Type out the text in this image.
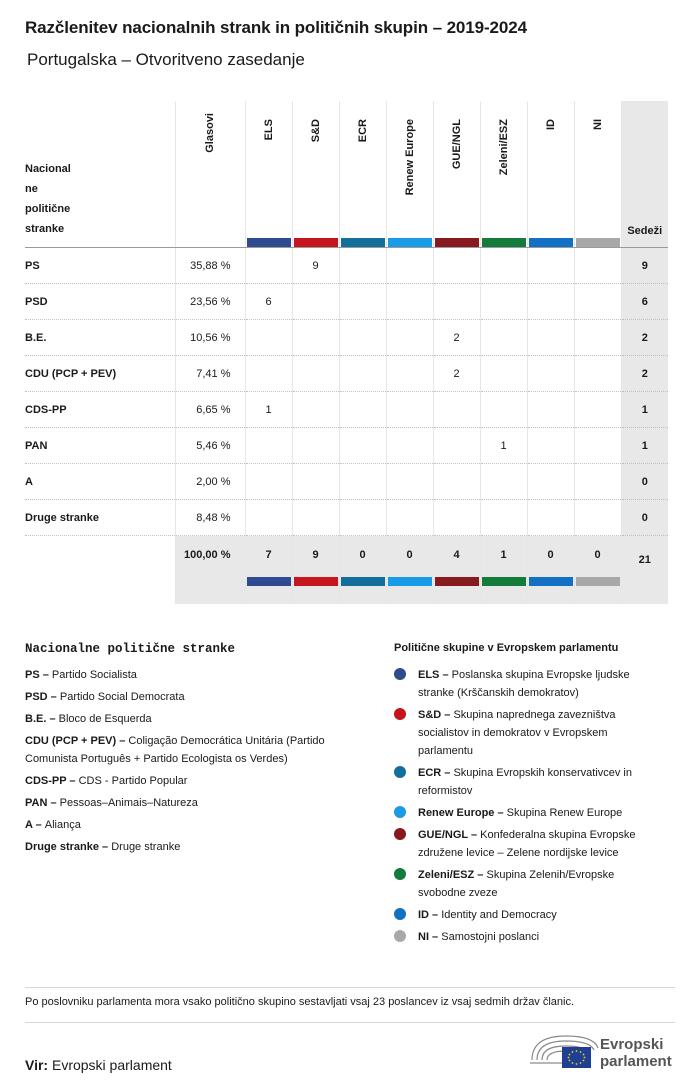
Razčlenitev nacionalnih strank in političnih skupin – 2019-2024
Portugalska – Otvoritveno zasedanje
Nacional
ne
politične
stranke	Glasovi	ELS	S&D	ECR	Renew Europe	GUE/NGL	Zeleni/ESZ	ID	NI	Sedeži
PS	35,88 %		9							9
PSD	23,56 %	6								6
B.E.	10,56 %					2				2
CDU (PCP + PEV)	7,41 %					2				2
CDS-PP	6,65 %	1								1
PAN	5,46 %						1			1
A	2,00 %									0
Druge stranke	8,48 %									0
	100,00 %	7	9	0	0	4	1	0	0	21
Nacionalne politične stranke
PS – Partido Socialista
PSD – Partido Social Democrata
B.E. – Bloco de Esquerda
CDU (PCP + PEV) – Coligação Democrática Unitária (Partido Comunista Português + Partido Ecologista os Verdes)
CDS-PP – CDS - Partido Popular
PAN – Pessoas–Animais–Natureza
A – Aliança
Druge stranke – Druge stranke
Politične skupine v Evropskem parlamentu
ELS – Poslanska skupina Evropske ljudske stranke (Krščanskih demokratov)
S&D – Skupina naprednega zavezništva socialistov in demokratov v Evropskem parlamentu
ECR – Skupina Evropskih konservativcev in reformistov
Renew Europe – Skupina Renew Europe
GUE/NGL – Konfederalna skupina Evropske združene levice – Zelene nordijske levice
Zeleni/ESZ – Skupina Zelenih/Evropske svobodne zveze
ID – Identity and Democracy
NI – Samostojni poslanci
Po poslovniku parlamenta mora vsako politično skupino sestavljati vsaj 23 poslancev iz vsaj sedmih držav članic.
Vir: Evropski parlament
Evropski
parlament
